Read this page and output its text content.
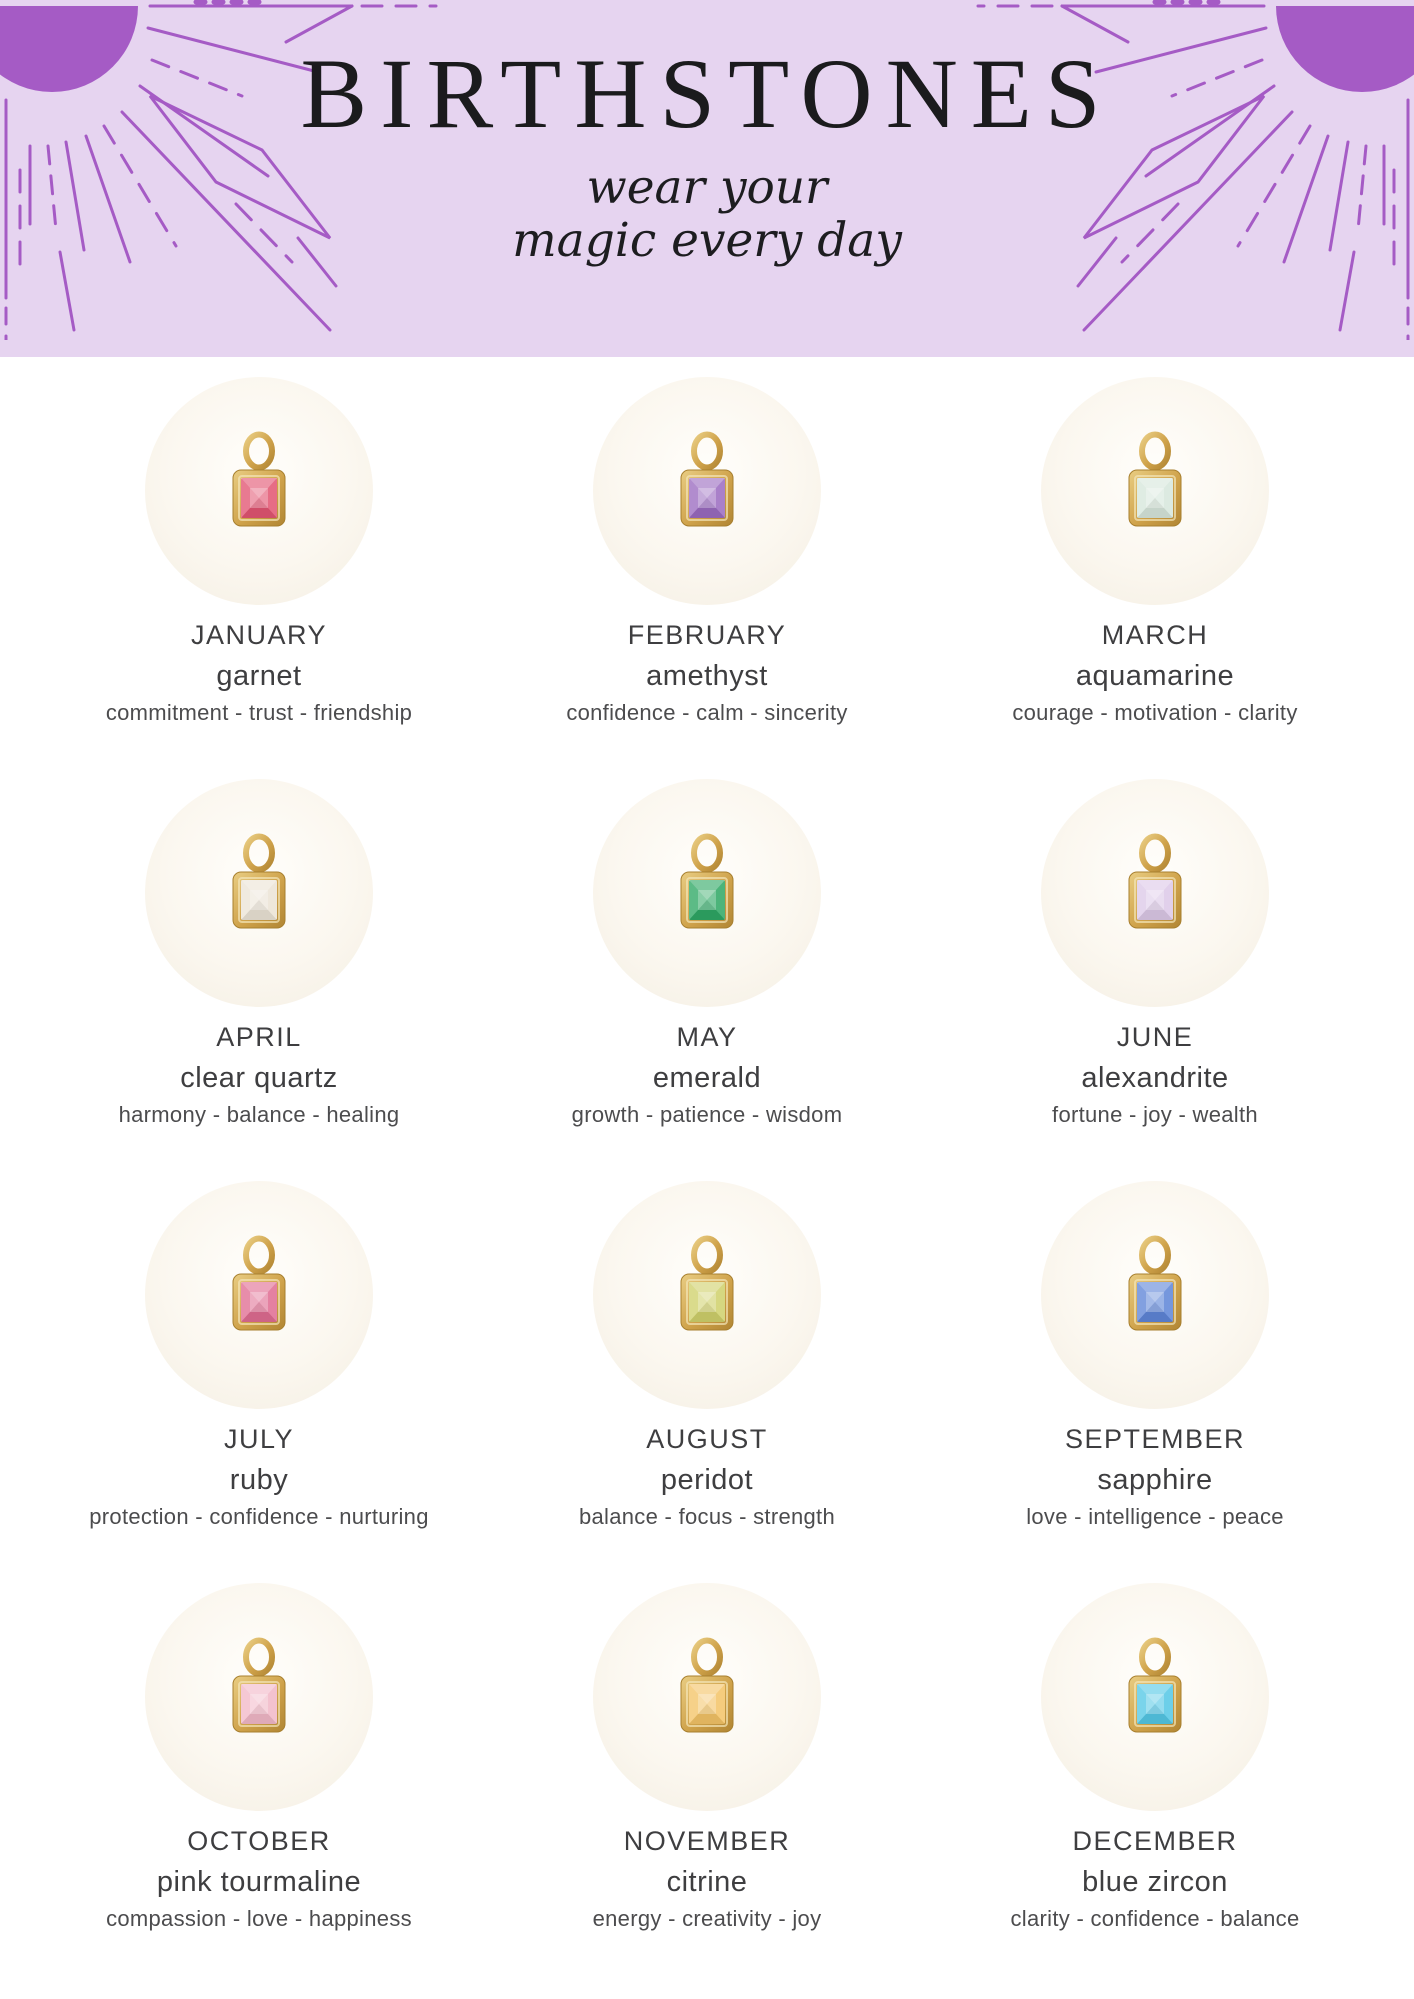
BIRTHSTONES
wear your
magic every day
JANUARY
garnet
commitment - trust - friendship
FEBRUARY
amethyst
confidence - calm - sincerity
MARCH
aquamarine
courage - motivation - clarity
APRIL
clear quartz
harmony - balance - healing
MAY
emerald
growth - patience - wisdom
JUNE
alexandrite
fortune - joy - wealth
JULY
ruby
protection - confidence - nurturing
AUGUST
peridot
balance - focus - strength
SEPTEMBER
sapphire
love - intelligence - peace
OCTOBER
pink tourmaline
compassion - love - happiness
NOVEMBER
citrine
energy - creativity - joy
DECEMBER
blue zircon
clarity - confidence - balance
